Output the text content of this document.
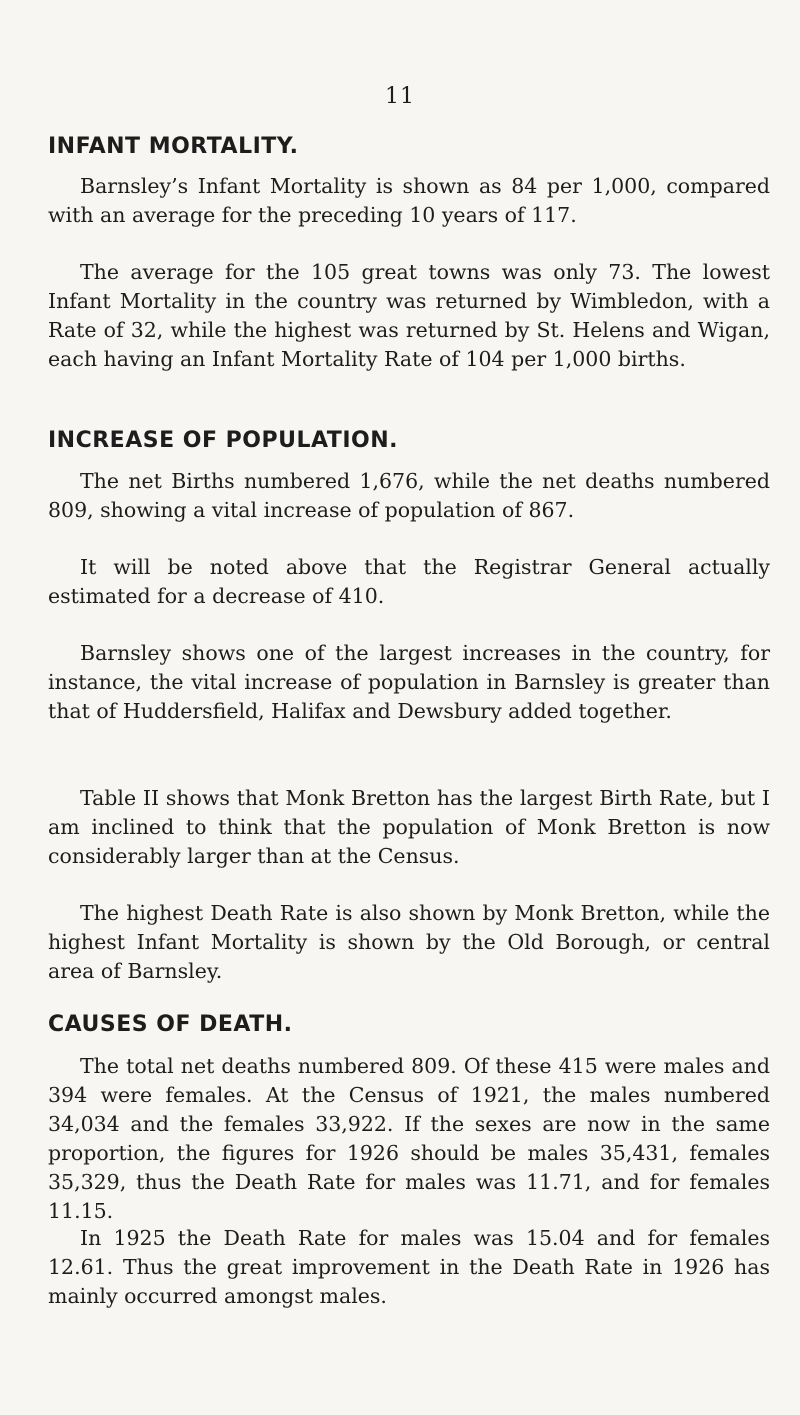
11
INFANT MORTALITY.

Barnsley’s Infant Mortality is shown as 84 per 1,000, compared with an average for the preceding 10 years of 117.

The average for the 105 great towns was only 73. The lowest Infant Mortality in the country was returned by Wimbledon, with a Rate of 32, while the highest was returned by St. Helens and Wigan, each having an Infant Mortality Rate of 104 per 1,000 births.

INCREASE OF POPULATION.

The net Births numbered 1,676, while the net deaths numbered 809, showing a vital increase of population of 867.

It will be noted above that the Registrar General actually estimated for a decrease of 410.

Barnsley shows one of the largest increases in the country, for instance, the vital increase of population in Barnsley is greater than that of Huddersfield, Halifax and Dewsbury added together.

Table II shows that Monk Bretton has the largest Birth Rate, but I am inclined to think that the population of Monk Bretton is now considerably larger than at the Census.

The highest Death Rate is also shown by Monk Bretton, while the highest Infant Mortality is shown by the Old Borough, or central area of Barnsley.

CAUSES OF DEATH.

The total net deaths numbered 809. Of these 415 were males and 394 were females. At the Census of 1921, the males numbered 34,034 and the females 33,922. If the sexes are now in the same proportion, the figures for 1926 should be males 35,431, females 35,329, thus the Death Rate for males was 11.71, and for females 11.15.

In 1925 the Death Rate for males was 15.04 and for females 12.61. Thus the great improvement in the Death Rate in 1926 has mainly occurred amongst males.
